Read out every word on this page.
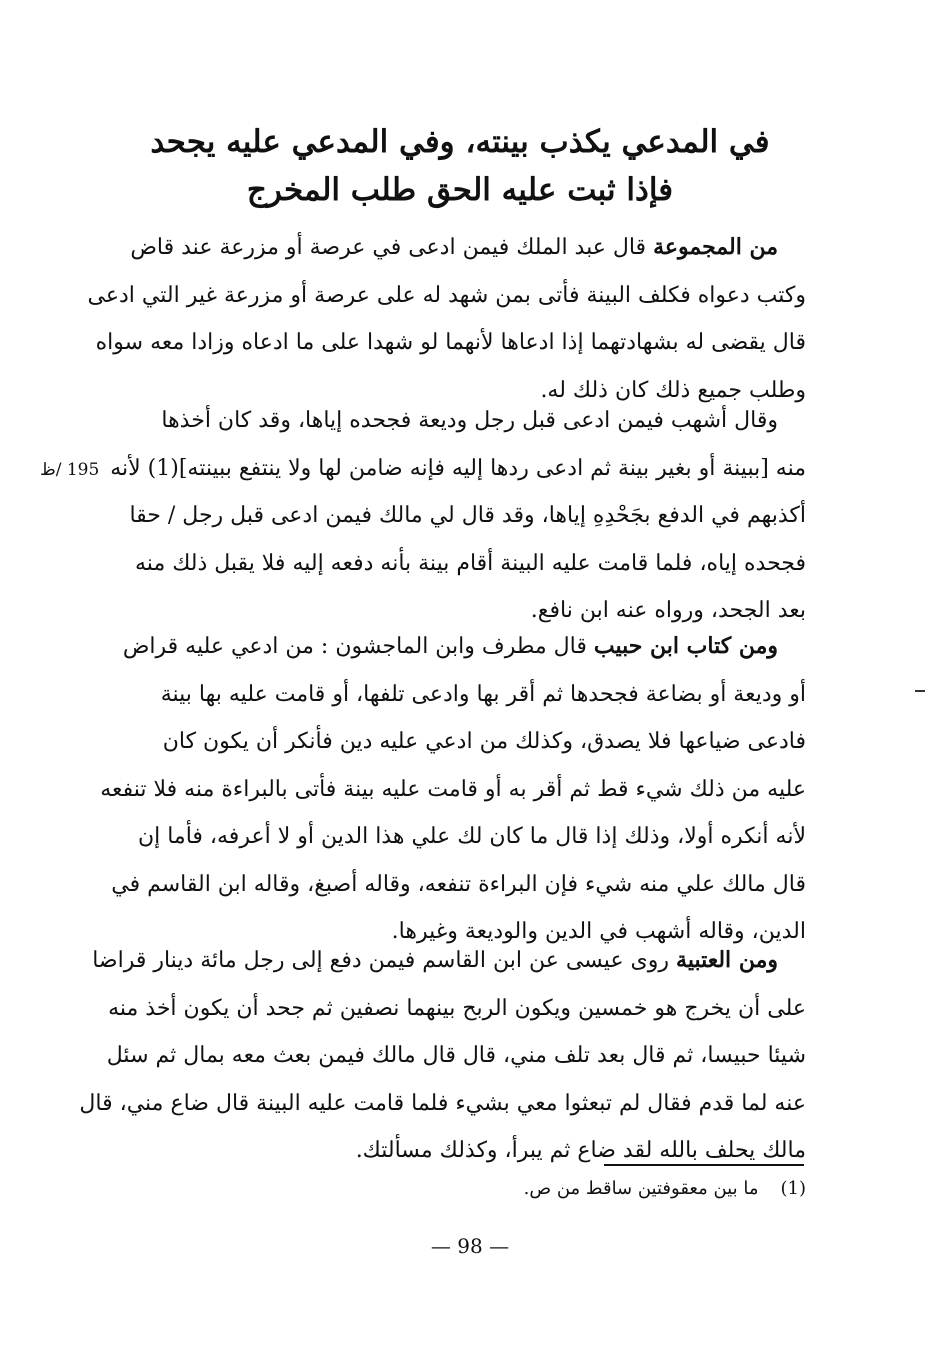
في المدعي يكذب بينته، وفي المدعي عليه يجحد
فإذا ثبت عليه الحق طلب المخرج
من المجموعة قال عبد الملك فيمن ادعى في عرصة أو مزرعة عند قاض
وكتب دعواه فكلف البينة فأتى بمن شهد له على عرصة أو مزرعة غير التي ادعى
قال يقضى له بشهادتهما إذا ادعاها لأنهما لو شهدا على ما ادعاه وزادا معه سواه
وطلب جميع ذلك كان ذلك له.
وقال أشهب فيمن ادعى قبل رجل وديعة فجحده إياها، وقد كان أخذها
منه [ببينة أو بغير بينة ثم ادعى ردها إليه فإنه ضامن لها ولا ينتفع ببينته](1) لأنه
أكذبهم في الدفع بجَحْدِهِ إياها، وقد قال لي مالك فيمن ادعى قبل رجل / حقا
فجحده إياه، فلما قامت عليه البينة أقام بينة بأنه دفعه إليه فلا يقبل ذلك منه
بعد الجحد، ورواه عنه ابن نافع.
195 /ظ
ومن كتاب ابن حبيب قال مطرف وابن الماجشون : من ادعي عليه قراض
أو وديعة أو بضاعة فجحدها ثم أقر بها وادعى تلفها، أو قامت عليه بها بينة
فادعى ضياعها فلا يصدق، وكذلك من ادعي عليه دين فأنكر أن يكون كان
عليه من ذلك شيء قط ثم أقر به أو قامت عليه بينة فأتى بالبراءة منه فلا تنفعه
لأنه أنكره أولا، وذلك إذا قال ما كان لك علي هذا الدين أو لا أعرفه، فأما إن
قال مالك علي منه شيء فإن البراءة تنفعه، وقاله أصبغ، وقاله ابن القاسم في
الدين، وقاله أشهب في الدين والوديعة وغيرها.
ومن العتبية روى عيسى عن ابن القاسم فيمن دفع إلى رجل مائة دينار قراضا
على أن يخرج هو خمسين ويكون الربح بينهما نصفين ثم جحد أن يكون أخذ منه
شيئا حبيسا، ثم قال بعد تلف مني، قال قال مالك فيمن بعث معه بمال ثم سئل
عنه لما قدم فقال لم تبعثوا معي بشيء فلما قامت عليه البينة قال ضاع مني، قال
مالك يحلف بالله لقد ضاع ثم يبرأ، وكذلك مسألتك.
(1)ما بين معقوفتين ساقط من ص.
— 98 —
